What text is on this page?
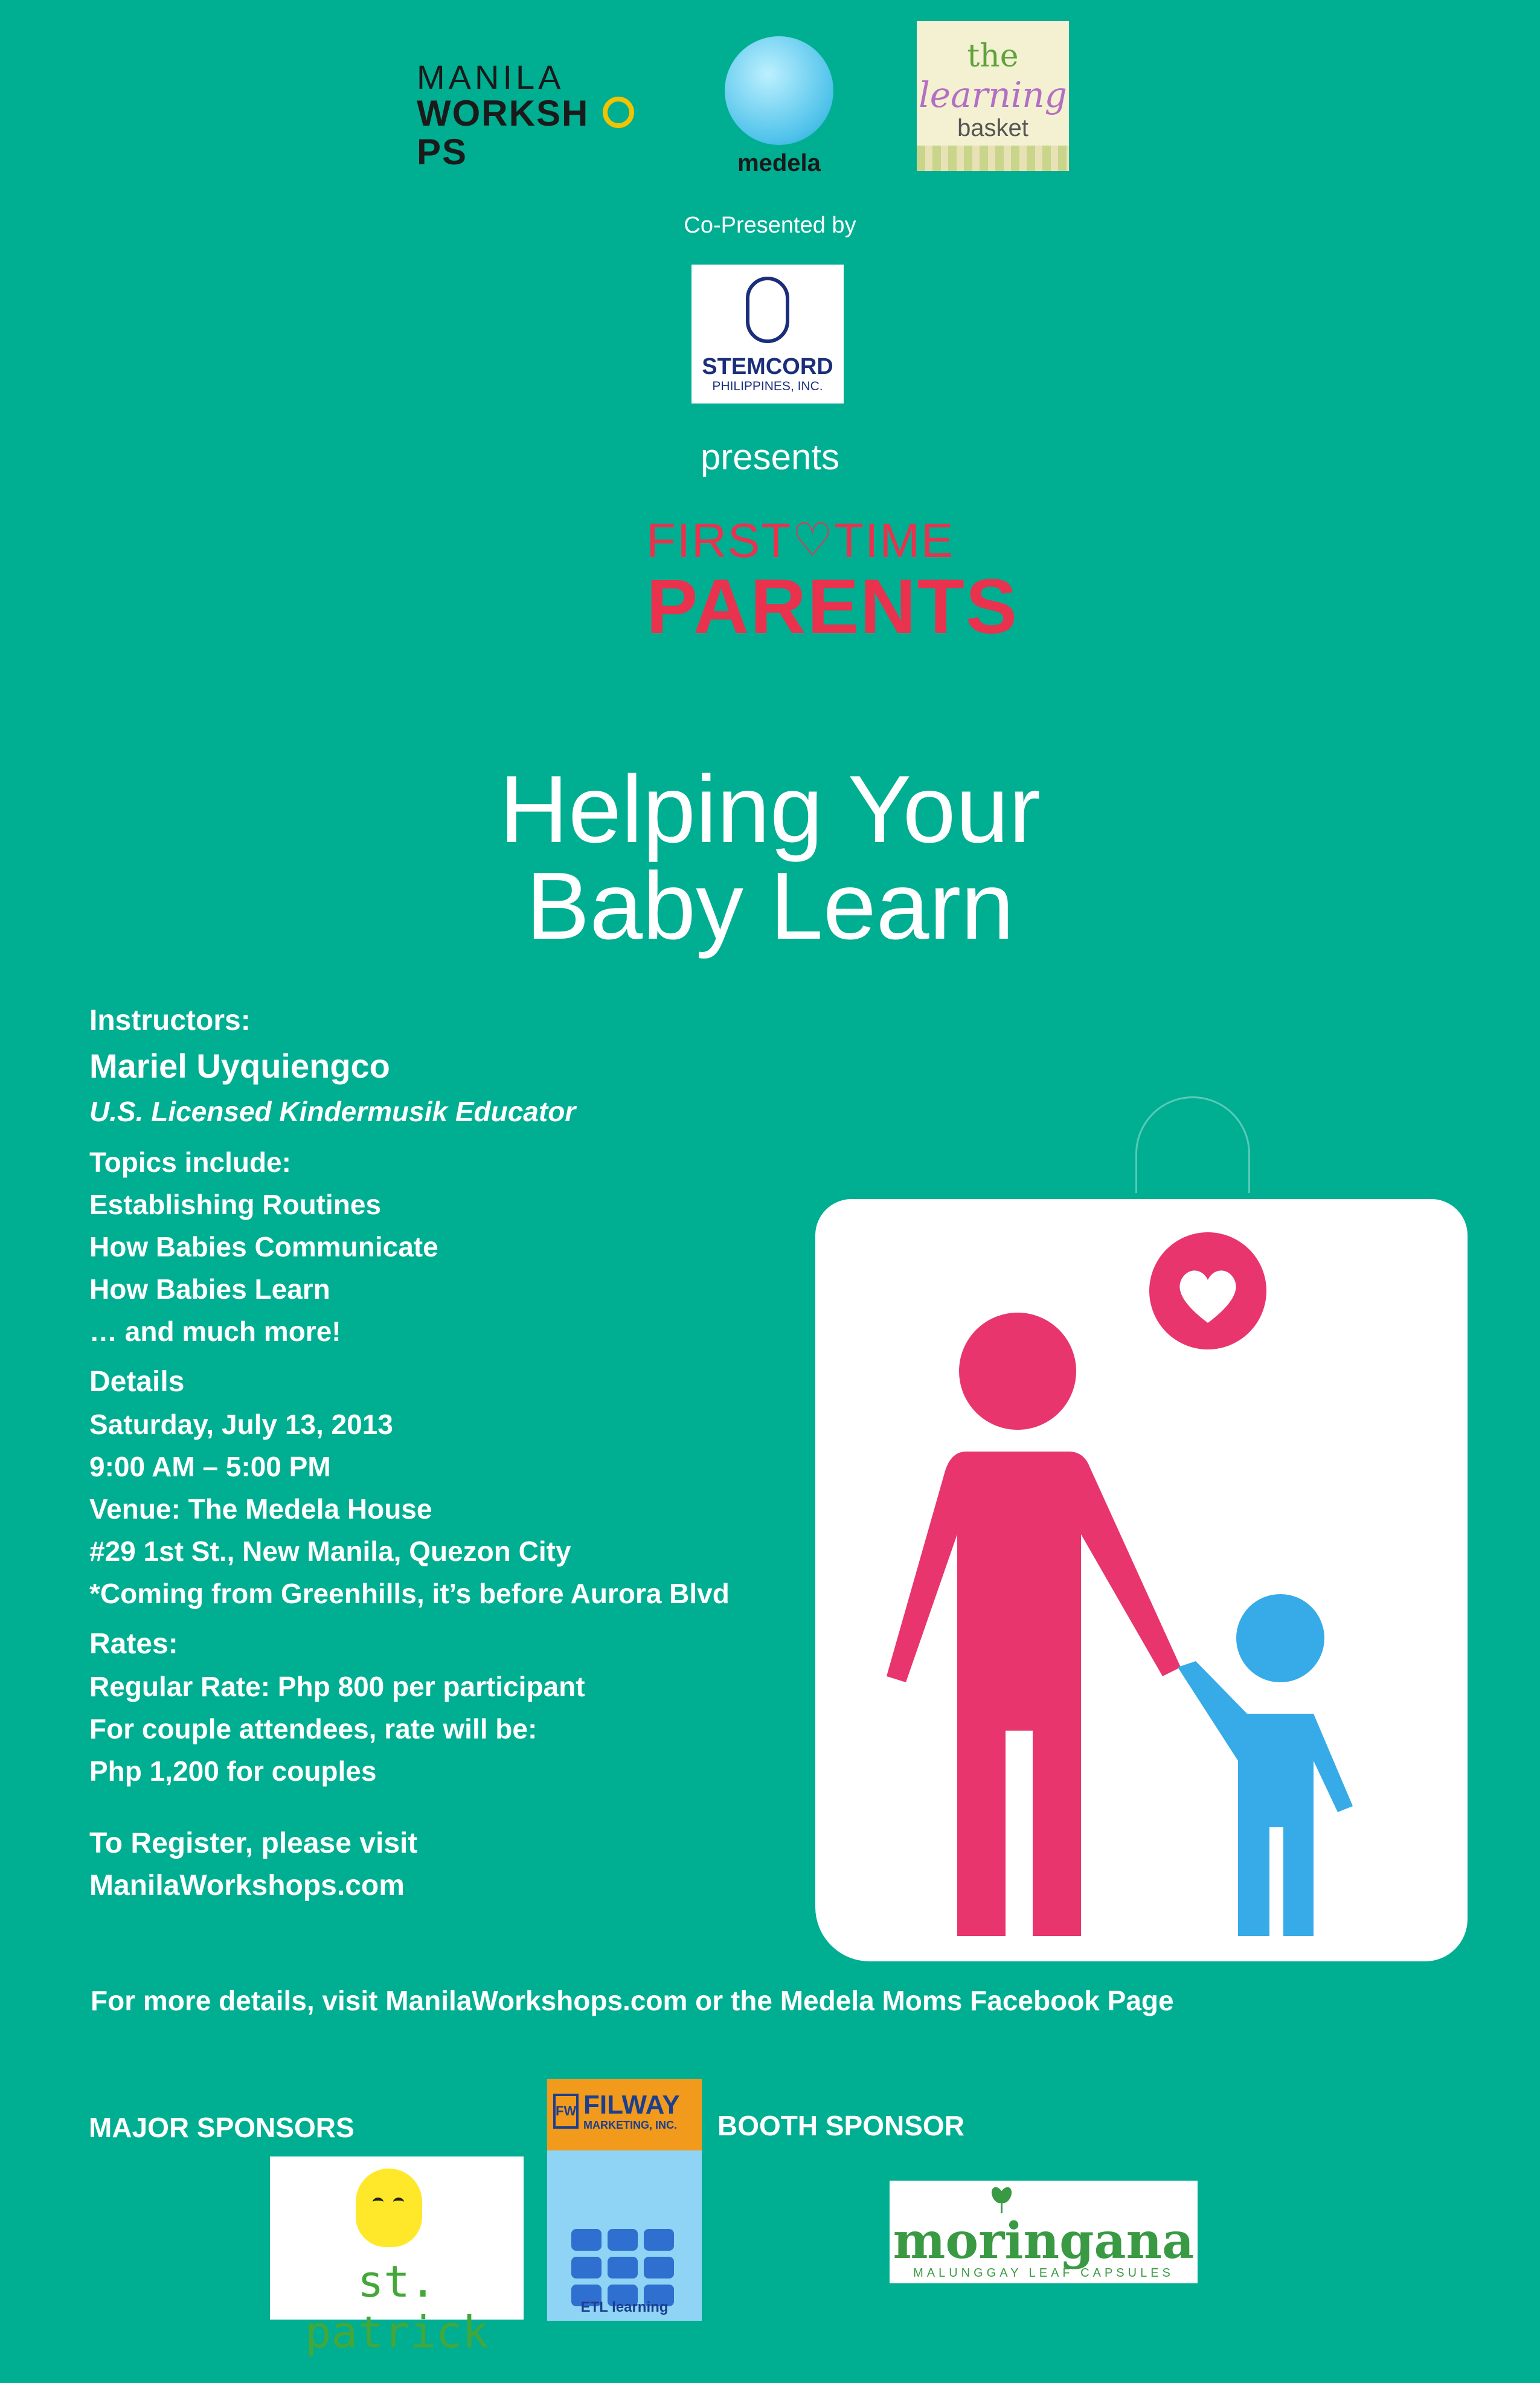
MANILA
WORKSHPS	medela
the
learning
basket
Co-Presented by
STEMCORD
PHILIPPINES, INC.
presents
FIRST ♡ TIME
PARENTS
Helping Your
Baby Learn
Instructors:
Mariel Uyquiengco
U.S. Licensed Kindermusik Educator
Topics include:
Establishing Routines
How Babies Communicate
How Babies Learn
… and much more!
Details
Saturday, July 13, 2013
9:00 AM – 5:00 PM
Venue: The Medela House
#29 1st St., New Manila, Quezon City
*Coming from Greenhills, it’s before Aurora Blvd
Rates:
Regular Rate: Php 800 per participant
For couple attendees, rate will be:
Php 1,200 for couples
To Register, please visit ManilaWorkshops.com
For more details, visit ManilaWorkshops.com or the Medela Moms Facebook Page
MAJOR SPONSORS	BOOTH SPONSOR
st. patrick
FW FILWAY
MARKETING, INC.
ETL learning
moringana
MALUNGGAY LEAF CAPSULES
